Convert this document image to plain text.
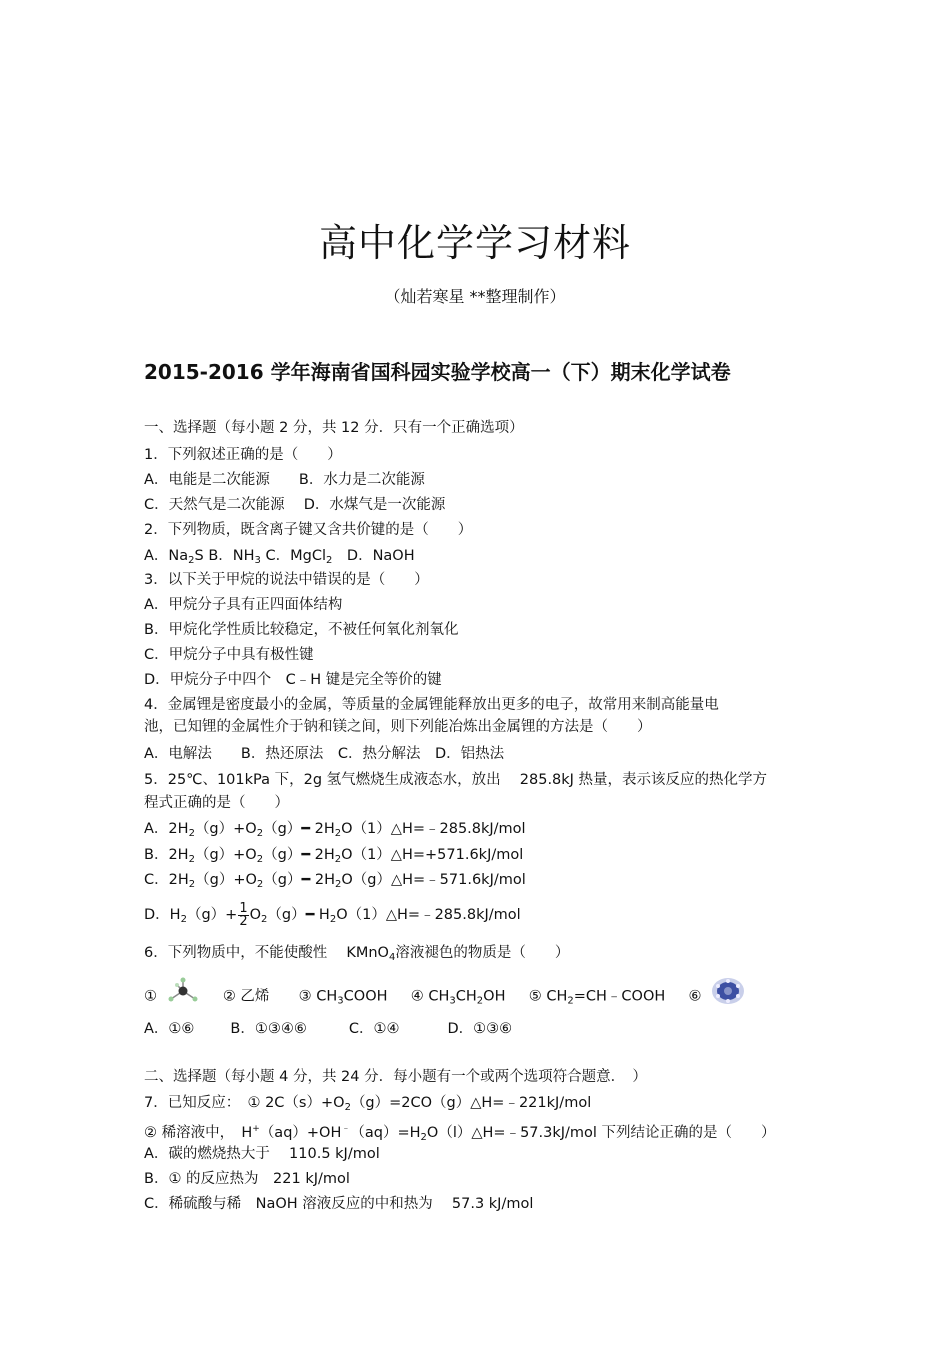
高中化学学习材料
（灿若寒星 **整理制作）
2015-2016 学年海南省国科园实验学校高一（下）期末化学试卷
一、选择题（每小题 2 分，共 12 分．只有一个正确选项）
1．下列叙述正确的是（　　）
A．电能是二次能源　　B．水力是二次能源
C．天然气是二次能源　 D．水煤气是一次能源
2．下列物质，既含离子键又含共价键的是（　　）
A．$Na_2S$ B．$NH_3$ C．MgCl$_2$　D．NaOH
3．以下关于甲烷的说法中错误的是（　　）
A．甲烷分子具有正四面体结构
B．甲烷化学性质比较稳定，不被任何氧化剂氧化
C．甲烷分子中具有极性键
D．甲烷分子中四个　C﹣H 键是完全等价的键
4．金属锂是密度最小的金属，等质量的金属锂能释放出更多的电子，故常用来制高能量电
池，已知锂的金属性介于钠和镁之间，则下列能冶炼出金属锂的方法是（　　）
A．电解法　　B．热还原法　C．热分解法　D．铝热法
5．25℃、101kPa 下，2g 氢气燃烧生成液态水，放出　 285.8kJ 热量，表示该反应的热化学方
程式正确的是（　　）
A．$2H_2(g)+O_2(g)━$ $2H_2O(1)\triangle H=﹣285.8kJ$/mol
B．$2H_2(g)+O_2(g)━$ $2H_2O(1)\triangle H=+571.6kJ$/mol
C．$2H_2(g)+O_2(g)━$ $2H_2O(g)\triangle H=﹣571.6kJ$/mol
D．$H_2(g)+ \frac{1}{2}$ $O_2(g)━$ $H_2O(1)\triangle H=﹣285.8kJ$/mol
6．下列物质中，不能使酸性　 KMnO$_4$溶液褪色的物质是（　　）
①	② 乙烯 ③ $CH_3COOH$  ④ $CH_3CH_2OH$  ⑤ $CH_2=CH﹣COOH$  ⑥
A．①⑥ B．①③④⑥	C．①④	D．①③⑥
二、选择题（每小题 4 分，共 24 分．每小题有一个或两个选项符合题意．　）
7．已知反应：　① $2C(s)+O_2(g)=2CO(g)\triangle H=﹣221kJ$/mol
② 稀溶液中，　$H^+(aq)+OH^﹣(aq)=H_2O(l)\triangle H=﹣57.3kJ$/mol 下列结论正确的是（　　）
A．碳的燃烧热大于　 110.5 kJ/mol
B．① 的反应热为　221 kJ/mol
C．稀硫酸与稀　NaOH 溶液反应的中和热为　 57.3 kJ/mol
